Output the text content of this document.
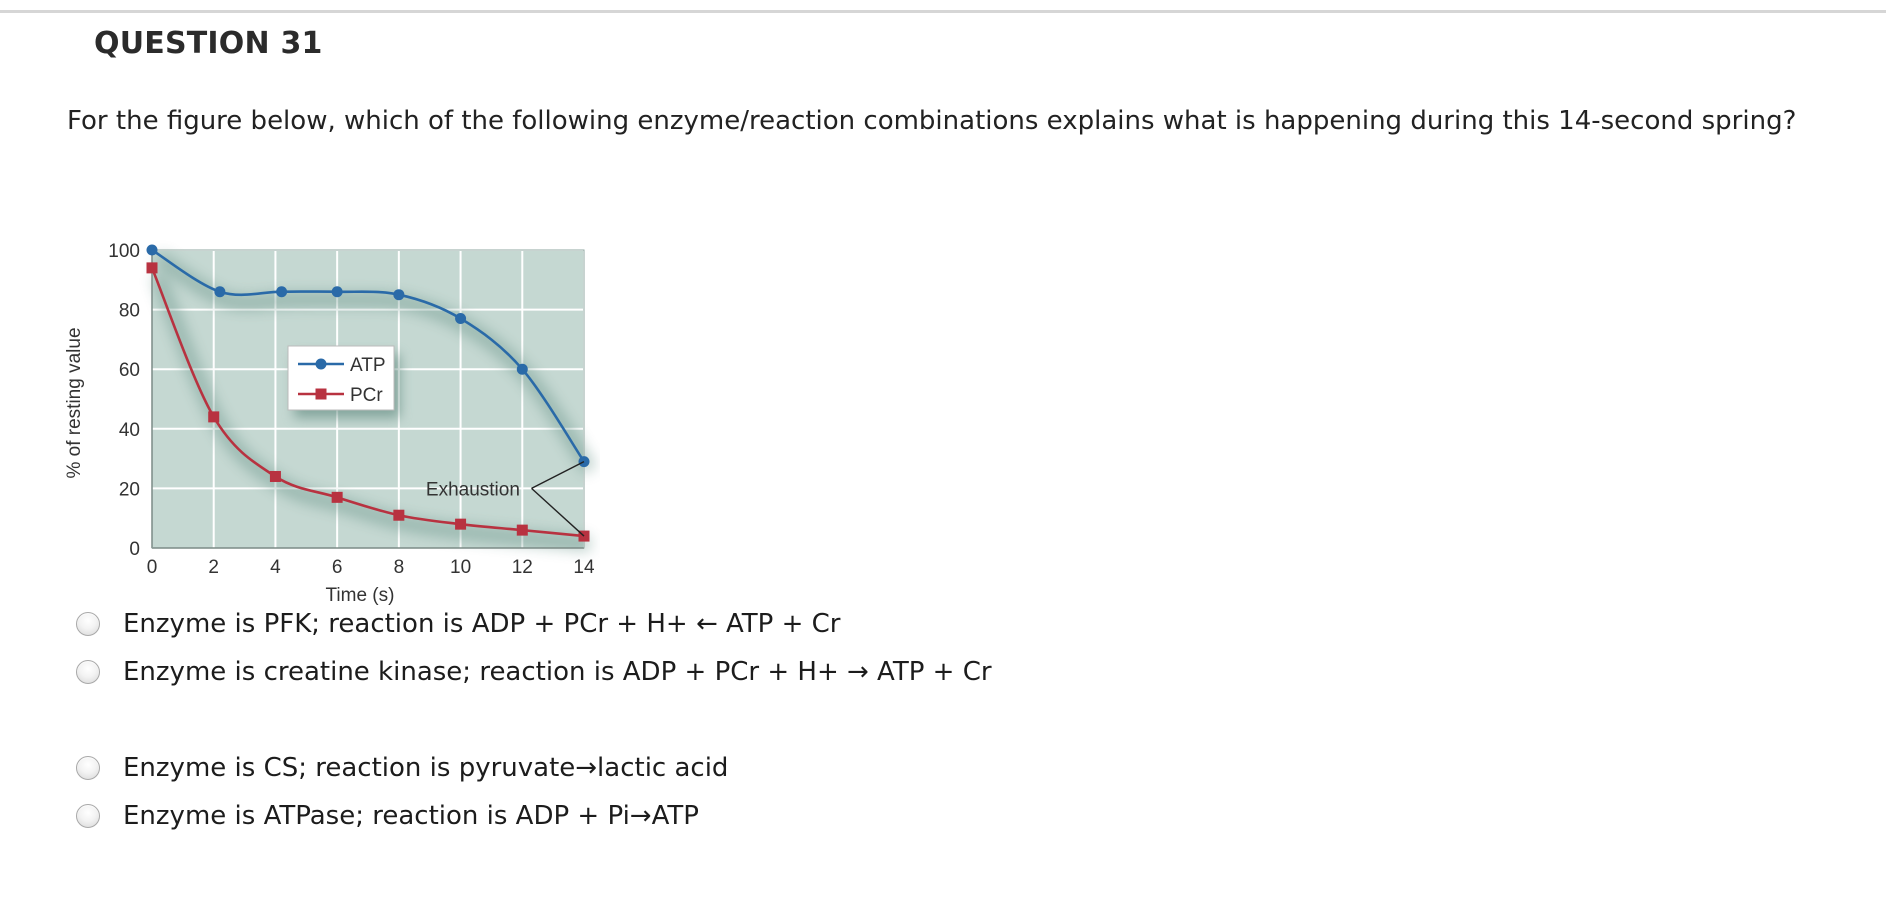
QUESTION 31
For the figure below, which of the following enzyme/reaction combinations explains what is happening during this 14-second spring?
0	2	4	6	8 10 12 14
0
20
40
60
80
100
ATP
PCr
Exhaustion
Time (s)
% of resting value
Enzyme is PFK; reaction is ADP + PCr + H+ ← ATP + Cr
Enzyme is creatine kinase; reaction is ADP + PCr + H+ → ATP + Cr
Enzyme is CS; reaction is pyruvate→lactic acid
Enzyme is ATPase; reaction is ADP + Pi→ATP
